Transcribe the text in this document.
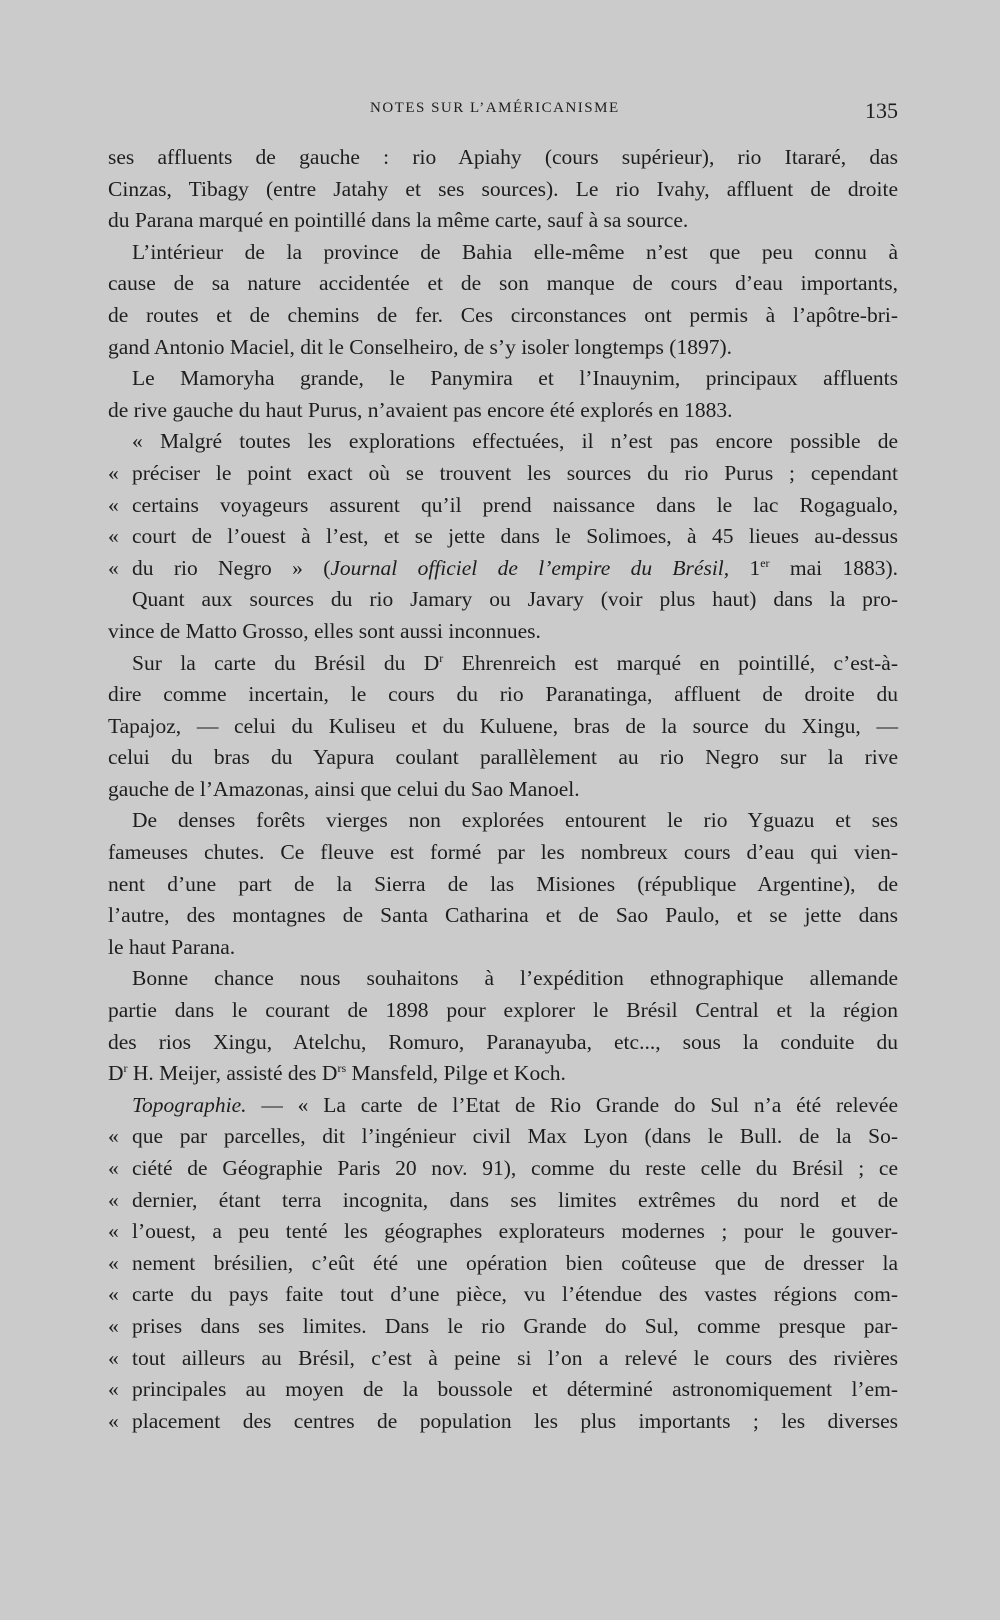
NOTES SUR L’AMÉRICANISME	135
ses affluents de gauche : rio Apiahy (cours supérieur), rio Itararé, das
Cinzas, Tibagy (entre Jatahy et ses sources). Le rio Ivahy, affluent de droite
du Parana marqué en pointillé dans la même carte, sauf à sa source.
L’intérieur de la province de Bahia elle-même n’est que peu connu à
cause de sa nature accidentée et de son manque de cours d’eau importants,
de routes et de chemins de fer. Ces circonstances ont permis à l’apôtre-bri-
gand Antonio Maciel, dit le Conselheiro, de s’y isoler longtemps (1897).
Le Mamoryha grande, le Panymira et l’Inauynim, principaux affluents
de rive gauche du haut Purus, n’avaient pas encore été explorés en 1883.
« Malgré toutes les explorations effectuées, il n’est pas encore possible de
« préciser le point exact où se trouvent les sources du rio Purus ; cependant
« certains voyageurs assurent qu’il prend naissance dans le lac Rogagualo,
« court de l’ouest à l’est, et se jette dans le Solimoes, à 45 lieues au-dessus
« du rio Negro » (Journal officiel de l’empire du Brésil, 1er mai 1883).
Quant aux sources du rio Jamary ou Javary (voir plus haut) dans la pro-
vince de Matto Grosso, elles sont aussi inconnues.
Sur la carte du Brésil du $D^r$ Ehrenreich est marqué en pointillé, c’est-à-
dire comme incertain, le cours du rio Paranatinga, affluent de droite du
Tapajoz, — celui du Kuliseu et du Kuluene, bras de la source du Xingu, —
celui du bras du Yapura coulant parallèlement au rio Negro sur la rive
gauche de l’Amazonas, ainsi que celui du Sao Manoel.
De denses forêts vierges non explorées entourent le rio Yguazu et ses
fameuses chutes. Ce fleuve est formé par les nombreux cours d’eau qui vien-
nent d’une part de la Sierra de las Misiones (république Argentine), de
l’autre, des montagnes de Santa Catharina et de Sao Paulo, et se jette dans
le haut Parana.
Bonne chance nous souhaitons à l’expédition ethnographique allemande
partie dans le courant de 1898 pour explorer le Brésil Central et la région
des rios Xingu, Atelchu, Romuro, Paranayuba, etc..., sous la conduite du
$D^r$ H. Meijer, assisté des $D^{rs}$ Mansfeld, Pilge et Koch.
Topographie. — « La carte de l’Etat de Rio Grande do Sul n’a été relevée
« que par parcelles, dit l’ingénieur civil Max Lyon (dans le Bull. de la So-
« ciété de Géographie Paris 20 nov. 91), comme du reste celle du Brésil ; ce
« dernier, étant terra incognita, dans ses limites extrêmes du nord et de
« l’ouest, a peu tenté les géographes explorateurs modernes ; pour le gouver-
« nement brésilien, c’eût été une opération bien coûteuse que de dresser la
« carte du pays faite tout d’une pièce, vu l’étendue des vastes régions com-
« prises dans ses limites. Dans le rio Grande do Sul, comme presque par-
« tout ailleurs au Brésil, c’est à peine si l’on a relevé le cours des rivières
« principales au moyen de la boussole et déterminé astronomiquement l’em-
« placement des centres de population les plus importants ; les diverses
